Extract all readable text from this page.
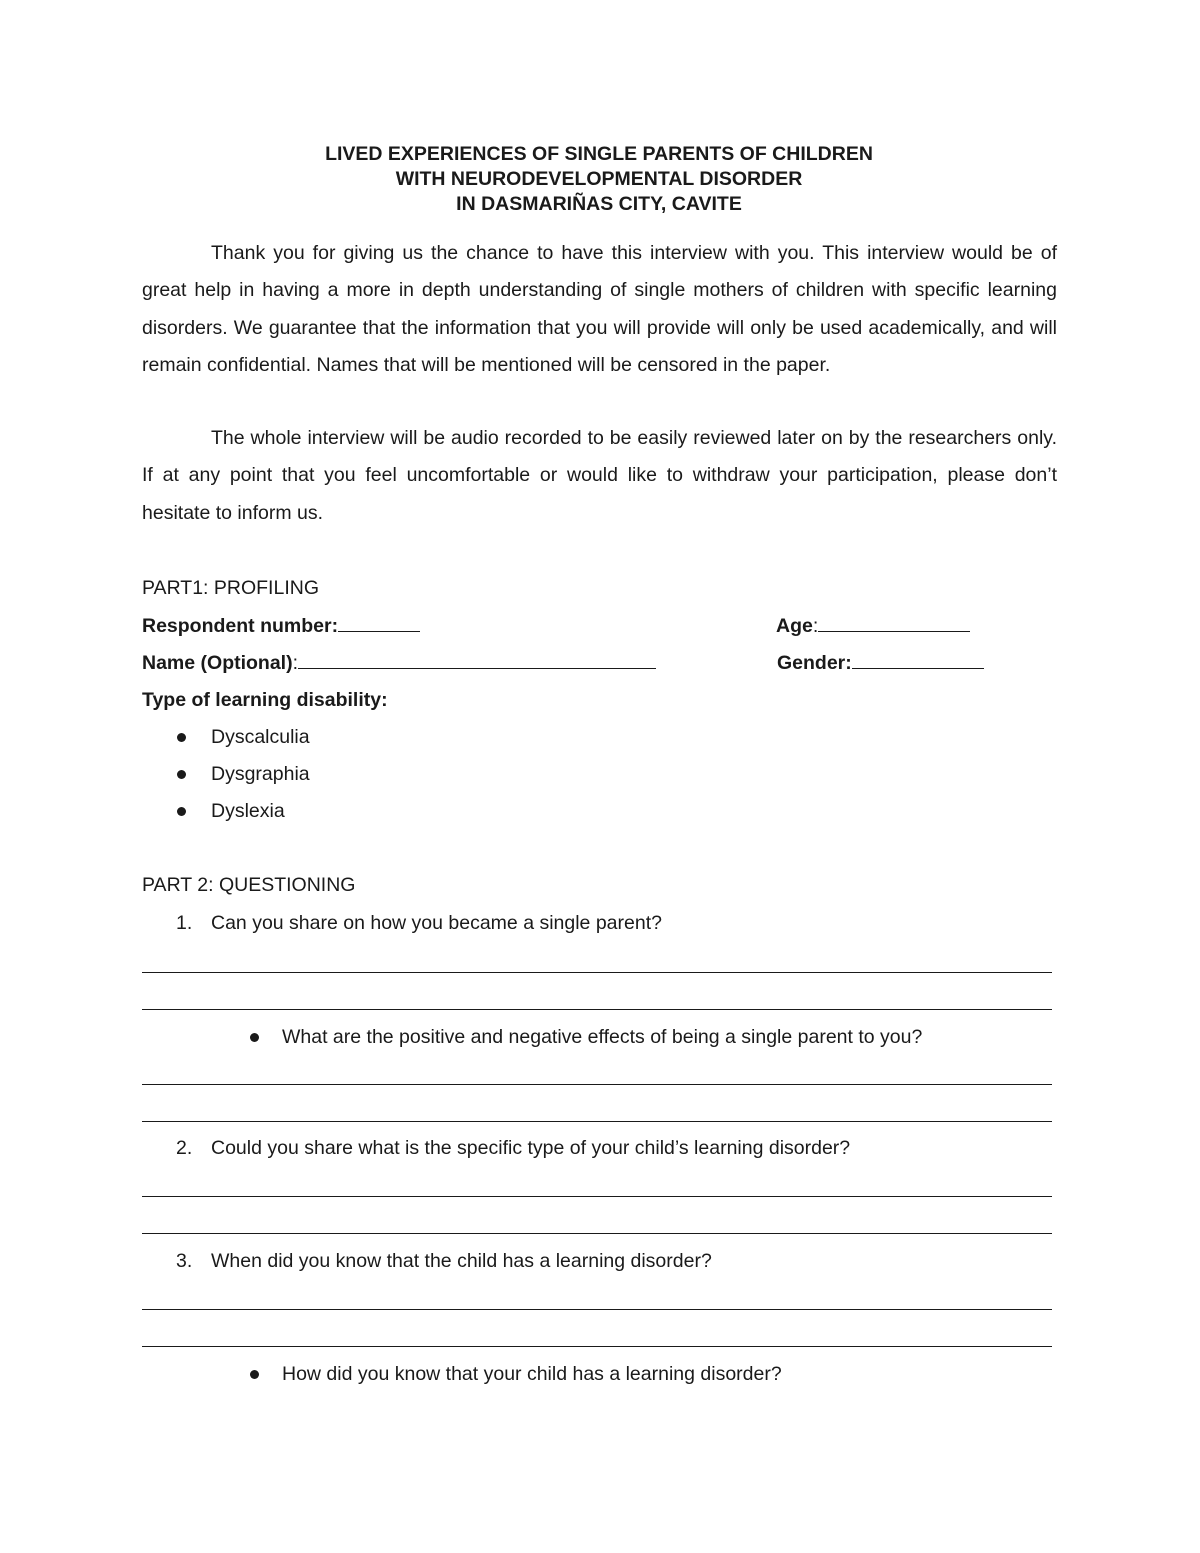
LIVED EXPERIENCES OF SINGLE PARENTS OF CHILDREN
WITH NEURODEVELOPMENTAL DISORDER
IN DASMARIÑAS CITY, CAVITE

Thank you for giving us the chance to have this interview with you. This interview would be of great help in having a more in depth understanding of single mothers of children with specific learning disorders. We guarantee that the information that you will provide will only be used academically, and will remain confidential. Names that will be mentioned will be censored in the paper.

The whole interview will be audio recorded to be easily reviewed later on by the researchers only. If at any point that you feel uncomfortable or would like to withdraw your participation, please don’t hesitate to inform us.

PART1: PROFILING
Respondent number:	Age:
Name (Optional):	Gender:
Type of learning disability:
Dyscalculia
Dysgraphia
Dyslexia
PART 2: QUESTIONING
1. Can you share on how you became a single parent?
What are the positive and negative effects of being a single parent to you?
2. Could you share what is the specific type of your child’s learning disorder?
3. When did you know that the child has a learning disorder?
How did you know that your child has a learning disorder?
